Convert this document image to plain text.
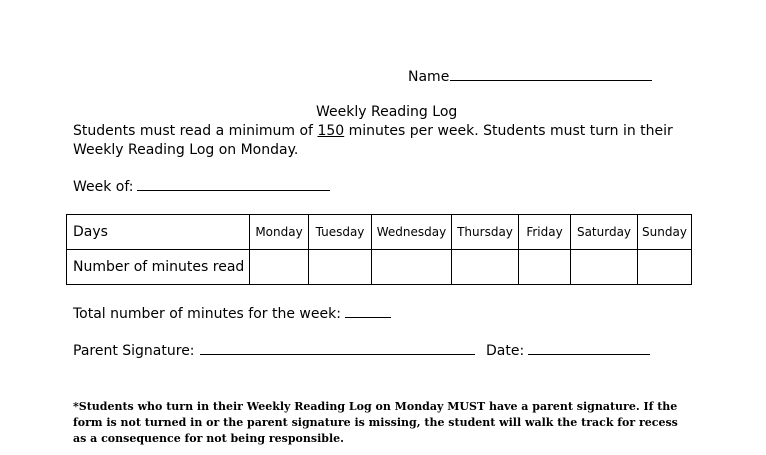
Name
Weekly Reading Log
Students must read a minimum of 150 minutes per week. Students must turn in their Weekly Reading Log on Monday.
Week of:
Days	Monday	Tuesday	Wednesday	Thursday	Friday	Saturday	Sunday
Number of minutes read							
Total number of minutes for the week:
Parent Signature:	Date:
*Students who turn in their Weekly Reading Log on Monday MUST have a parent signature. If the form is not turned in or the parent signature is missing, the student will walk the track for recess as a consequence for not being responsible.
